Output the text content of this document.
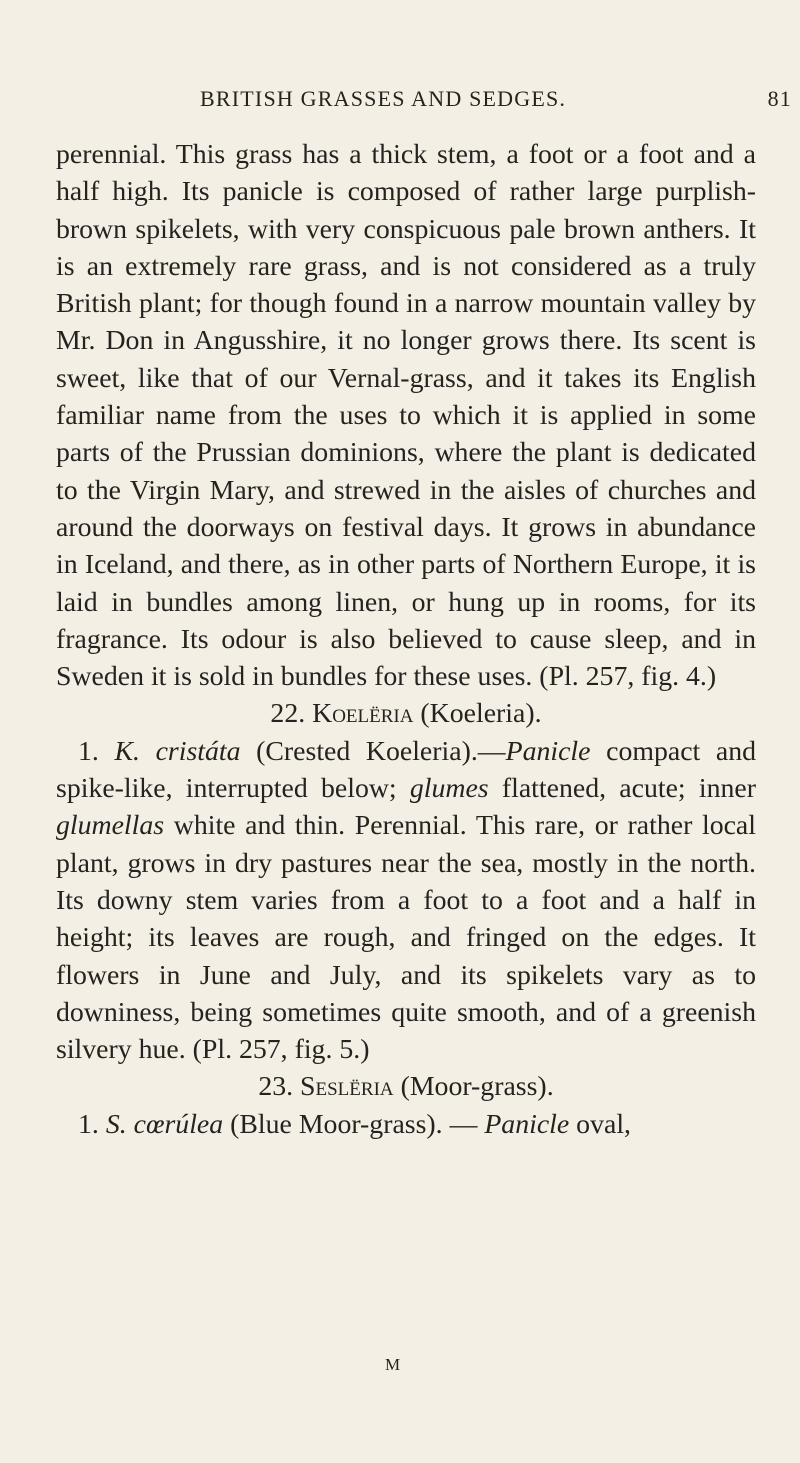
BRITISH GRASSES AND SEDGES.	81

perennial. This grass has a thick stem, a foot or a foot and a half high. Its panicle is composed of rather large purplish-brown spikelets, with very conspicuous pale brown anthers. It is an extremely rare grass, and is not considered as a truly British plant; for though found in a narrow mountain valley by Mr. Don in Angusshire, it no longer grows there. Its scent is sweet, like that of our Vernal-grass, and it takes its English familiar name from the uses to which it is applied in some parts of the Prussian dominions, where the plant is dedicated to the Virgin Mary, and strewed in the aisles of churches and around the doorways on festival days. It grows in abundance in Iceland, and there, as in other parts of Northern Europe, it is laid in bundles among linen, or hung up in rooms, for its fragrance. Its odour is also believed to cause sleep, and in Sweden it is sold in bundles for these uses. (Pl. 257, fig. 4.)

22. Koelëria (Koeleria).

1. K. cristáta (Crested Koeleria).—Panicle compact and spike-like, interrupted below; glumes flattened, acute; inner glumellas white and thin. Perennial. This rare, or rather local plant, grows in dry pastures near the sea, mostly in the north. Its downy stem varies from a foot to a foot and a half in height; its leaves are rough, and fringed on the edges. It flowers in June and July, and its spikelets vary as to downiness, being sometimes quite smooth, and of a greenish silvery hue. (Pl. 257, fig. 5.)

23. Seslëria (Moor-grass).

1. S. cœrúlea (Blue Moor-grass). — Panicle oval,

M
